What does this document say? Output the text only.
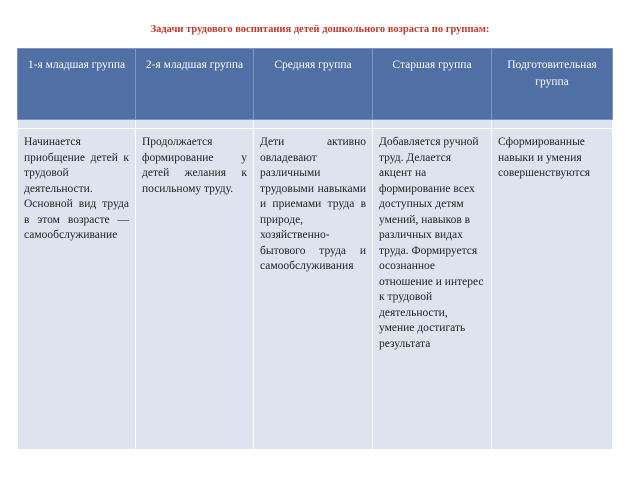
Задачи трудового воспитания детей дошкольного возраста по группам:
1-я младшая группа	2-я младшая группа	Средняя группа	Старшая группа	Подготовительная группа

Начинается приобщение детей к трудовой деятельности. Основной вид труда в этом возрасте — самообслуживание	Продолжается формирование у детей желания к посильному труду.	Дети активно овладевают различными трудовыми навыками и приемами труда в природе, хозяйственно-бытового труда и самообслуживания	Добавляется ручной труд. Делается акцент на формирование всех доступных детям умений, навыков в различных видах труда. Формируется осознанное отношение и интерес к трудовой деятельности, умение достигать результата	Сформированные навыки и умения совершенствуются
